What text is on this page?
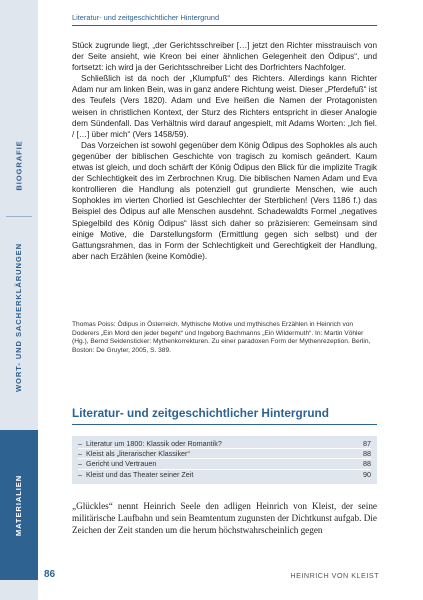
BIOGRAFIE
WORT- UND SACHERKLÄRUNGEN
MATERIALIEN
Literatur- und zeitgeschichtlicher Hintergrund

Stück zugrunde liegt, „der Gerichtsschreiber […] jetzt den Richter misstrauisch von der Seite ansieht, wie Kreon bei einer ähnlichen Gelegenheit den Ödipus“, und fortsetzt: ich wird ja der Gerichtsschreiber Licht des Dorfrichters Nachfolger.

Schließlich ist da noch der „Klumpfuß“ des Richters. Allerdings kann Richter Adam nur am linken Bein, was in ganz andere Richtung weist. Dieser „Pferdefuß“ ist des Teufels (Vers 1820). Adam und Eve heißen die Namen der Protagonisten weisen in christlichen Kontext, der Sturz des Richters entspricht in dieser Analogie dem Sündenfall. Das Verhältnis wird darauf angespielt, mit Adams Worten: „Ich fiel. / […] über mich“ (Vers 1458/59).

Das Vorzeichen ist sowohl gegenüber dem König Ödipus des Sophokles als auch gegenüber der biblischen Geschichte von tragisch zu komisch geändert. Kaum etwas ist gleich, und doch schärft der König Ödipus den Blick für die implizite Tragik der Schlechtigkeit des im Zerbrochnen Krug. Die biblischen Namen Adam und Eva kontrollieren die Handlung als potenziell gut grundierte Menschen, wie auch Sophokles im vierten Chorlied ist Geschlechter der Sterblichen! (Vers 1186 f.) das Beispiel des Ödipus auf alle Menschen ausdehnt. Schadewaldts Formel „negatives Spiegelbild des König Ödipus“ lässt sich daher so präzisieren: Gemeinsam sind einige Motive, die Darstellungsform (Ermittlung gegen sich selbst) und der Gattungsrahmen, das in Form der Schlechtigkeit und Gerechtigkeit der Handlung, aber nach Erzählen (keine Komödie).

Thomas Poiss: Ödipus in Österreich. Mythische Motive und mythisches Erzählen in Heinrich von Doderers „Ein Mord den jeder begeht“ und Ingeborg Bachmanns „Ein Wildermuth“. In: Martin Vöhler (Hg.), Bernd Seidensticker: Mythenkorrekturen. Zu einer paradoxen Form der Mythenrezeption. Berlin, Boston: De Gruyter, 2005, S. 389.
Literatur- und zeitgeschichtlicher Hintergrund
– Literatur um 1800: Klassik oder Romantik?	87
– Kleist als „literarischer Klassiker“	88
– Gericht und Vertrauen	88
– Kleist und das Theater seiner Zeit	90
„Glückles“ nennt Heinrich Seele den adligen Heinrich von Kleist, der seine militärische Laufbahn und sein Beamtentum zugunsten der Dichtkunst aufgab. Die Zeichen der Zeit standen um die herum höchstwahrscheinlich gegen
86	HEINRICH VON KLEIST
